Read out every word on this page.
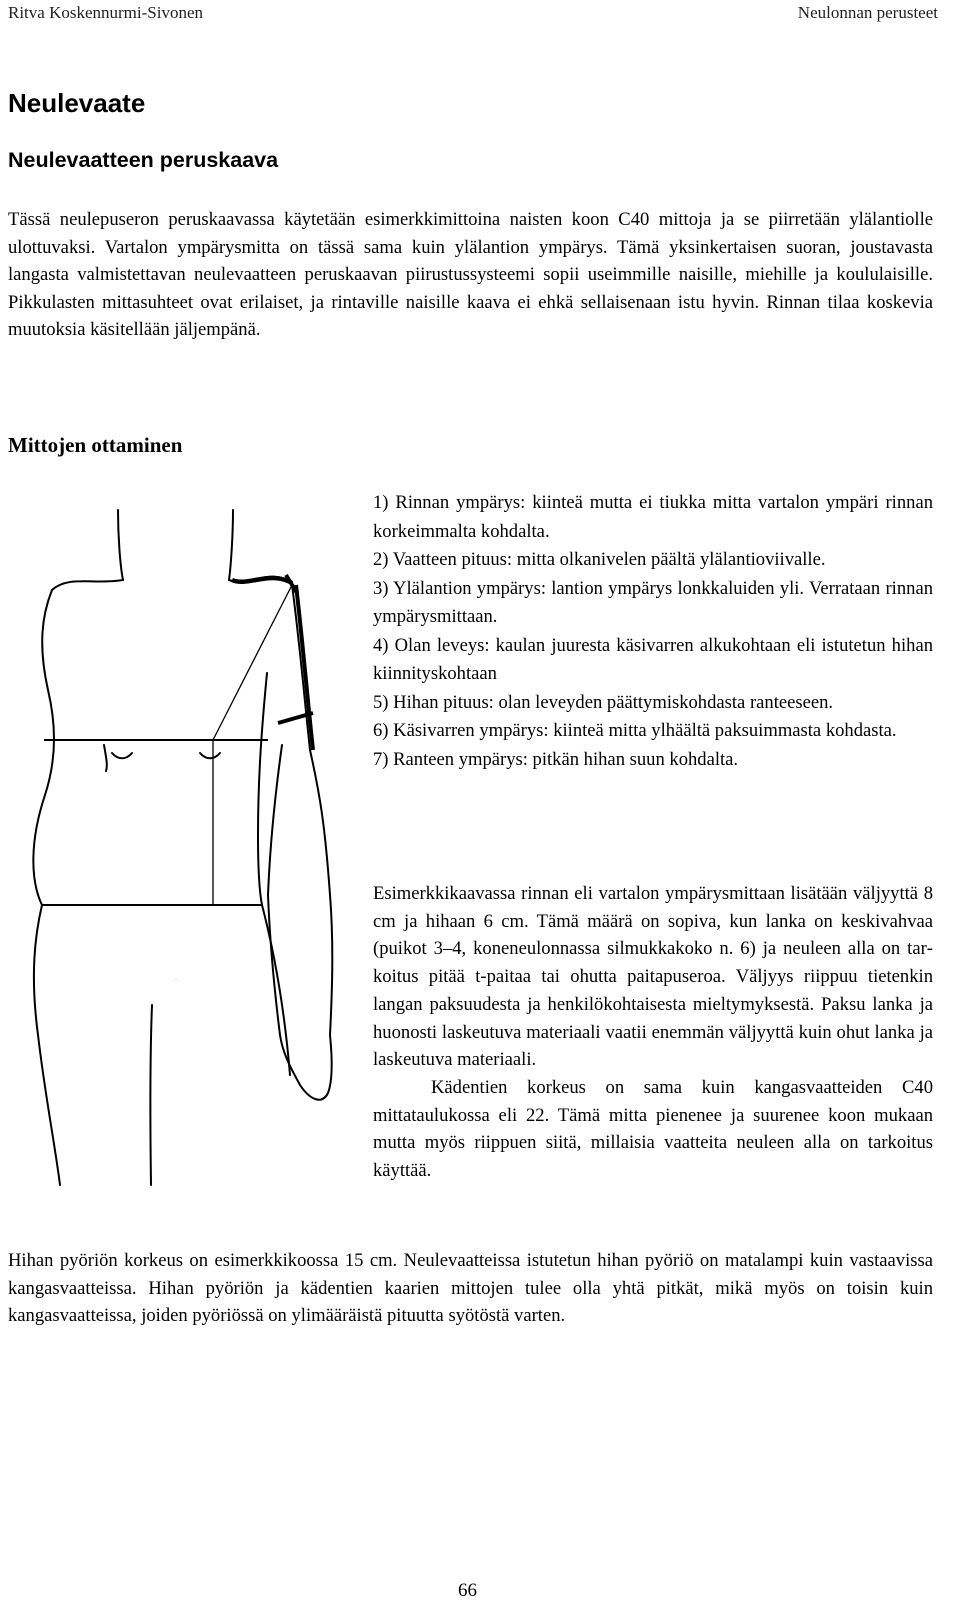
Ritva Koskennurmi-Sivonen	Neulonnan perusteet
Neulevaate
Neulevaatteen peruskaava

Tässä neulepuseron peruskaavassa käytetään esimerkkimittoina naisten koon C40 mittoja ja se piirretään ylälantiolle ulottuvaksi. Vartalon ympärysmitta on tässä sama kuin ylälantion ympärys. Tämä yksinkertaisen suoran, joustavasta langasta valmistettavan neulevaatteen peruskaavan piirustussysteemi sopii useimmille naisille, miehille ja koululaisille. Pikkulasten mittasuhteet ovat erilaiset, ja rintaville naisille kaava ei ehkä sellaisenaan istu hyvin. Rinnan tilaa koskevia muutoksia käsitellään jäljempänä.

Mittojen ottaminen
1) Rinnan ympärys: kiinteä mutta ei tiukka mitta vartalon ympäri rinnan korkeimmalta kohdalta.
2) Vaatteen pituus: mitta olkanivelen päältä ylälantioviivalle.
3) Ylälantion ympärys: lantion ympärys lonkkaluiden yli. Verrataan rinnan ympärysmittaan.
4) Olan leveys: kaulan juuresta käsivarren alkukohtaan eli istutetun hihan kiinnityskohtaan
5) Hihan pituus: olan leveyden päättymiskohdasta ranteeseen.
6) Käsivarren ympärys: kiinteä mitta ylhäältä paksuimmasta kohdasta.
7) Ranteen ympärys: pitkän hihan suun kohdalta.
.
Esimerkkikaavassa rinnan eli vartalon ympärysmittaan lisätään väljyyttä 8 cm ja hihaan 6 cm. Tämä määrä on sopiva, kun lanka on keskivahvaa (puikot 3–4, koneneulonnassa silmukkakoko n. 6) ja neuleen alla on tarkoitus pitää t-paitaa tai ohutta paitapuseroa. Väljyys riippuu tietenkin langan paksuudesta ja henkilökohtaisesta mieltymyksestä. Paksu lanka ja huonosti laskeutuva materiaali vaatii enemmän väljyyttä kuin ohut lanka ja laskeutuva materiaali.
Kädentien korkeus on sama kuin kangasvaatteiden C40 mittataulukossa eli 22. Tämä mitta pienenee ja suurenee koon mukaan mutta myös riippuen siitä, millaisia vaatteita neuleen alla on tarkoitus käyttää.

Hihan pyöriön korkeus on esimerkkikoossa 15 cm. Neulevaatteissa istutetun hihan pyöriö on matalampi kuin vastaavissa kangasvaatteissa. Hihan pyöriön ja kädentien kaarien mittojen tulee olla yhtä pitkät, mikä myös on toisin kuin kangasvaatteissa, joiden pyöriössä on ylimääräistä pituutta syötöstä varten.

66
